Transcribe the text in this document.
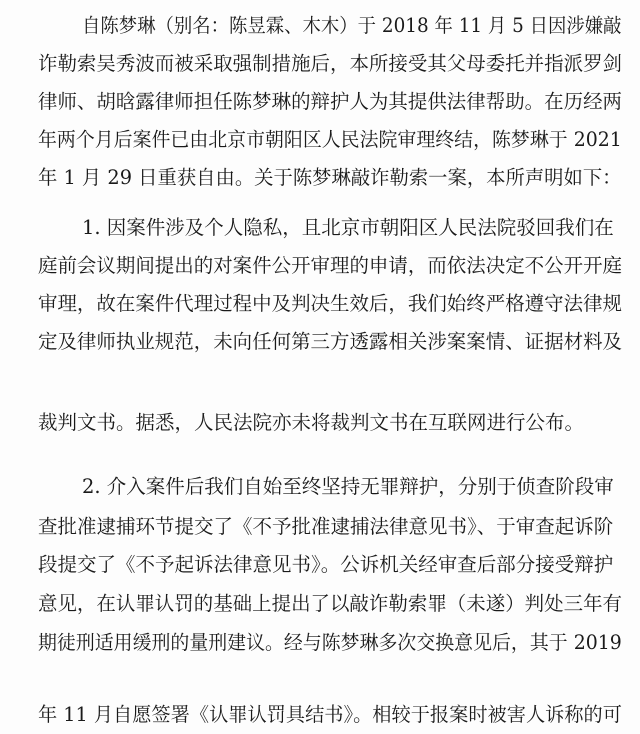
自陈梦琳（别名：陈昱霖、木木）于 2018 年 11 月 5 日因涉嫌敲
诈勒索吴秀波而被采取强制措施后，本所接受其父母委托并指派罗剑
律师、胡晗露律师担任陈梦琳的辩护人为其提供法律帮助。在历经两
年两个月后案件已由北京市朝阳区人民法院审理终结，陈梦琳于 2021
年 1 月 29 日重获自由。关于陈梦琳敲诈勒索一案，本所声明如下：
1. 因案件涉及个人隐私，且北京市朝阳区人民法院驳回我们在
庭前会议期间提出的对案件公开审理的申请，而依法决定不公开开庭
审理，故在案件代理过程中及判决生效后，我们始终严格遵守法律规
定及律师执业规范，未向任何第三方透露相关涉案案情、证据材料及
裁判文书。据悉，人民法院亦未将裁判文书在互联网进行公布。
2. 介入案件后我们自始至终坚持无罪辩护，分别于侦查阶段审
查批准逮捕环节提交了《不予批准逮捕法律意见书》、于审查起诉阶
段提交了《不予起诉法律意见书》。公诉机关经审查后部分接受辩护
意见，在认罪认罚的基础上提出了以敲诈勒索罪（未遂）判处三年有
期徒刑适用缓刑的量刑建议。经与陈梦琳多次交换意见后，其于 2019
年 11 月自愿签署《认罪认罚具结书》。相较于报案时被害人诉称的可
